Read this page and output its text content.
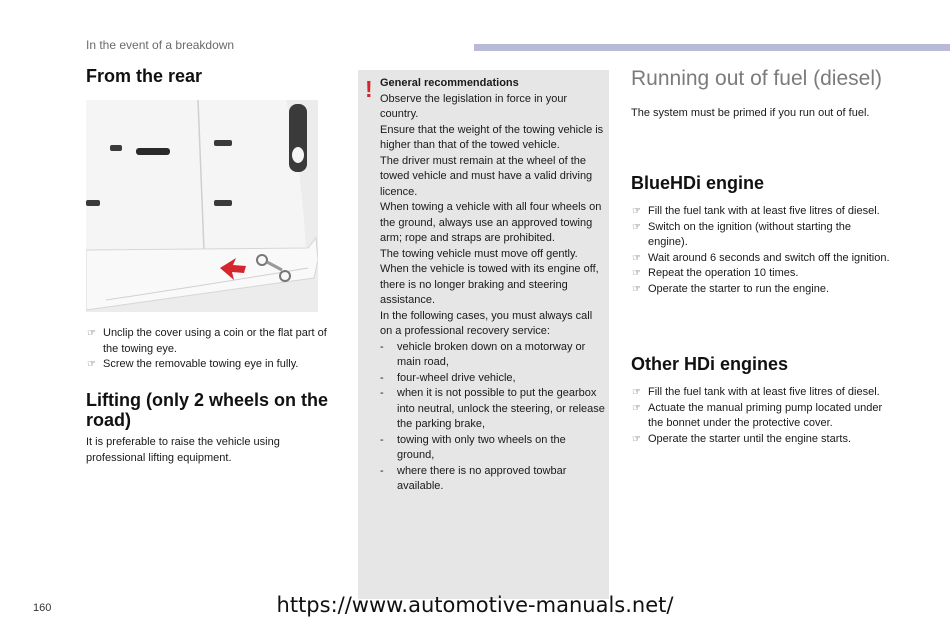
In the event of a breakdown
From the rear
☞ Unclip the cover using a coin or the flat part of the towing eye.
☞ Screw the removable towing eye in fully.
Lifting (only 2 wheels on the road)
It is preferable to raise the vehicle using professional lifting equipment.
! General recommendations

Observe the legislation in force in your country.

Ensure that the weight of the towing vehicle is higher than that of the towed vehicle.

The driver must remain at the wheel of the towed vehicle and must have a valid driving licence.

When towing a vehicle with all four wheels on the ground, always use an approved towing arm; rope and straps are prohibited.

The towing vehicle must move off gently.

When the vehicle is towed with its engine off, there is no longer braking and steering assistance.

In the following cases, you must always call on a professional recovery service:

- vehicle broken down on a motorway or main road,
- four-wheel drive vehicle,
- when it is not possible to put the gearbox into neutral, unlock the steering, or release the parking brake,
- towing with only two wheels on the ground,
- where there is no approved towbar available.
Running out of fuel (diesel)

The system must be primed if you run out of fuel.

BlueHDi engine
☞ Fill the fuel tank with at least five litres of diesel.
☞ Switch on the ignition (without starting the engine).
☞ Wait around 6 seconds and switch off the ignition.
☞ Repeat the operation 10 times.
☞ Operate the starter to run the engine.
Other HDi engines
☞ Fill the fuel tank with at least five litres of diesel.
☞ Actuate the manual priming pump located under the bonnet under the protective cover.
☞ Operate the starter until the engine starts.
160	https://www.automotive-manuals.net/
